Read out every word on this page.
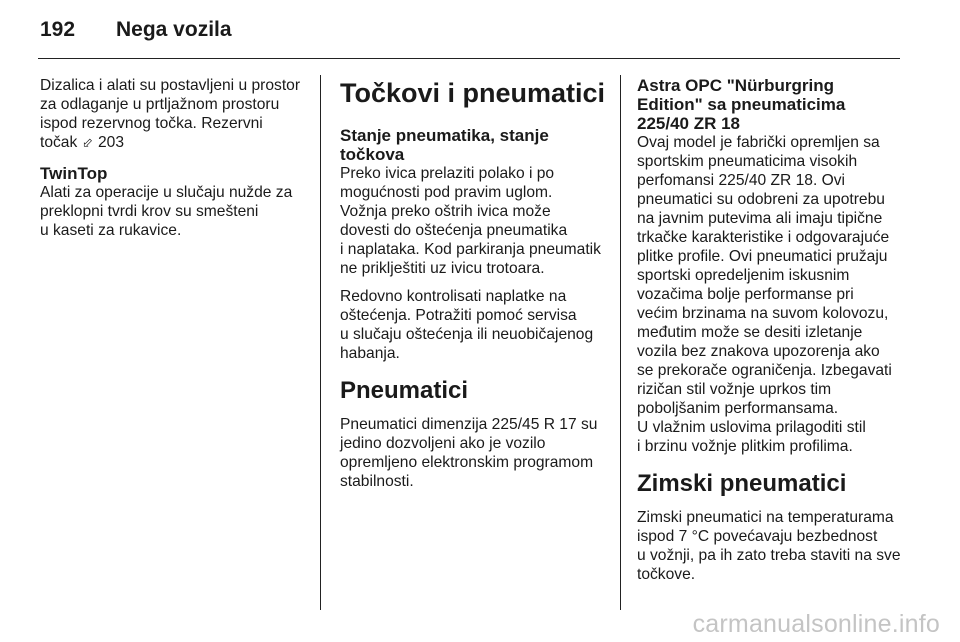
192	Nega vozila

Dizalica i alati su postavljeni u prostor
za odlaganje u prtljažnom prostoru
ispod rezervnog točka. Rezervni
točak ⬃ 203

TwinTop

Alati za operacije u slučaju nužde za
preklopni tvrdi krov su smešteni
u kaseti za rukavice.

Točkovi i pneumatici
Stanje pneumatika, stanje
točkova

Preko ivica prelaziti polako i po
mogućnosti pod pravim uglom.
Vožnja preko oštrih ivica može
dovesti do oštećenja pneumatika
i naplataka. Kod parkiranja pneumatik
ne priklještiti uz ivicu trotoara.

Redovno kontrolisati naplatke na
oštećenja. Potražiti pomoć servisa
u slučaju oštećenja ili neuobičajenog
habanja.

Pneumatici

Pneumatici dimenzija 225/45 R 17 su
jedino dozvoljeni ako je vozilo
opremljeno elektronskim programom
stabilnosti.

Astra OPC "Nürburgring
Edition" sa pneumaticima
225/40 ZR 18

Ovaj model je fabrički opremljen sa
sportskim pneumaticima visokih
perfomansi 225/40 ZR 18. Ovi
pneumatici su odobreni za upotrebu
na javnim putevima ali imaju tipične
trkačke karakteristike i odgovarajuće
plitke profile. Ovi pneumatici pružaju
sportski opredeljenim iskusnim
vozačima bolje performanse pri
većim brzinama na suvom kolovozu,
međutim može se desiti izletanje
vozila bez znakova upozorenja ako
se prekorače ograničenja. Izbegavati
rizičan stil vožnje uprkos tim
poboljšanim performansama.
U vlažnim uslovima prilagoditi stil
i brzinu vožnje plitkim profilima.

Zimski pneumatici

Zimski pneumatici na temperaturama
ispod 7 °C povećavaju bezbednost
u vožnji, pa ih zato treba staviti na sve
točkove.

carmanualsonline.info
